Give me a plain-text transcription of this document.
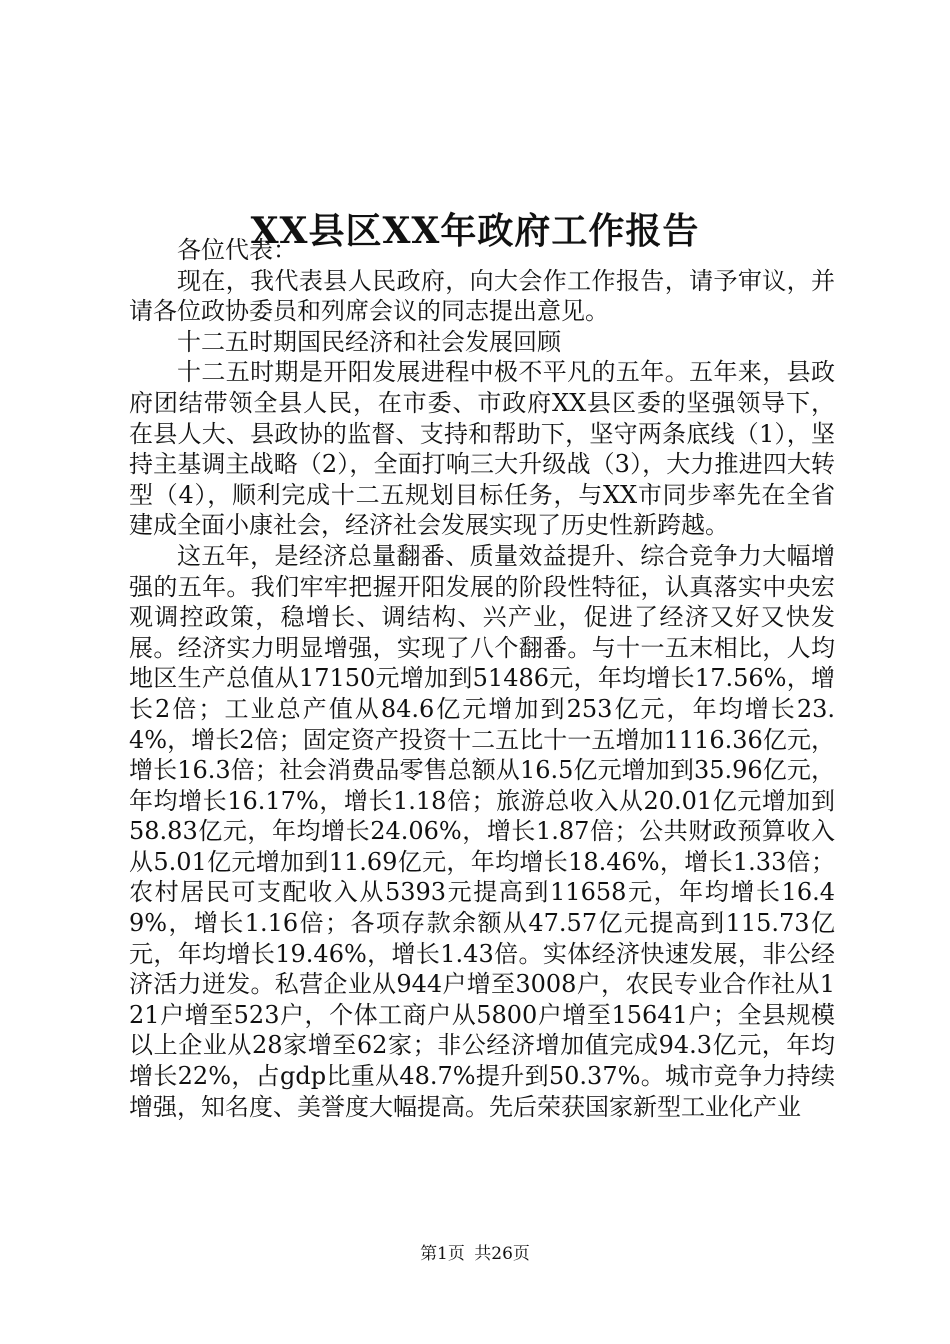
XX县区XX年政府工作报告

各位代表：

现在，我代表县人民政府，向大会作工作报告，请予审议，并请各位政协委员和列席会议的同志提出意见。

十二五时期国民经济和社会发展回顾

十二五时期是开阳发展进程中极不平凡的五年。五年来，县政府团结带领全县人民，在市委、市政府XX县区委的坚强领导下，在县人大、县政协的监督、支持和帮助下，坚守两条底线（1），坚持主基调主战略（2），全面打响三大升级战（3），大力推进四大转型（4），顺利完成十二五规划目标任务，与XX市同步率先在全省建成全面小康社会，经济社会发展实现了历史性新跨越。

这五年，是经济总量翻番、质量效益提升、综合竞争力大幅增强的五年。我们牢牢把握开阳发展的阶段性特征，认真落实中央宏观调控政策，稳增长、调结构、兴产业，促进了经济又好又快发展。经济实力明显增强，实现了八个翻番。与十一五末相比，人均地区生产总值从17150元增加到51486元，年均增长17.56%，增长2倍；工业总产值从84.6亿元增加到253亿元，年均增长23.4%，增长2倍；固定资产投资十二五比十一五增加1116.36亿元，增长16.3倍；社会消费品零售总额从16.5亿元增加到35.96亿元，年均增长16.17%，增长1.18倍；旅游总收入从20.01亿元增加到58.83亿元，年均增长24.06%，增长1.87倍；公共财政预算收入从5.01亿元增加到11.69亿元，年均增长18.46%，增长1.33倍；农村居民可支配收入从5393元提高到11658元，年均增长16.49%，增长1.16倍；各项存款余额从47.57亿元提高到115.73亿元，年均增长19.46%，增长1.43倍。实体经济快速发展，非公经济活力迸发。私营企业从944户增至3008户，农民专业合作社从121户增至523户，个体工商户从5800户增至15641户；全县规模以上企业从28家增至62家；非公经济增加值完成94.3亿元，年均增长22%，占gdp比重从48.7%提升到50.37%。城市竞争力持续增强，知名度、美誉度大幅提高。先后荣获国家新型工业化产业

第1页 共26页
